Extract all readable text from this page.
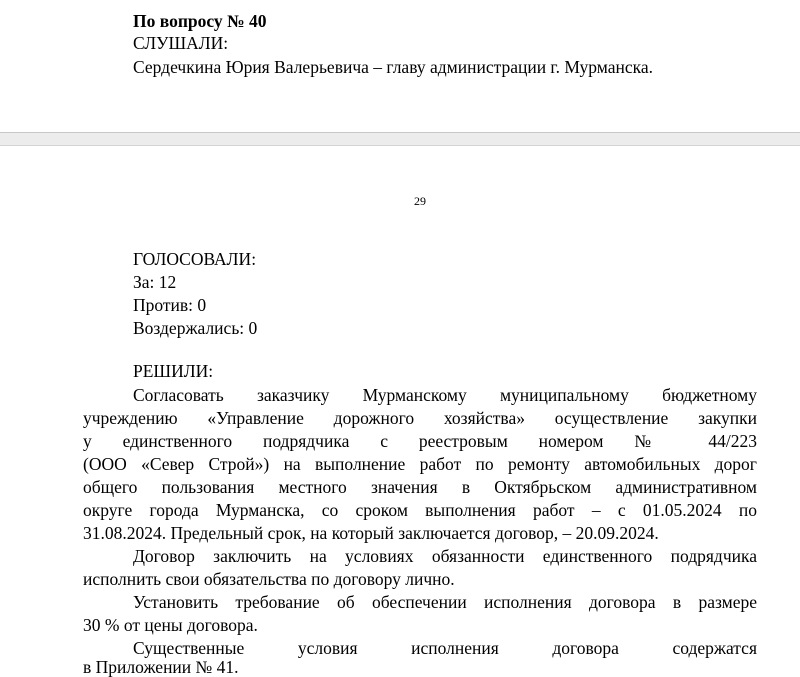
По вопросу № 40
СЛУШАЛИ:
Сердечкина Юрия Валерьевича – главу администрации г. Мурманска.
29
ГОЛОСОВАЛИ:
За: 12
Против: 0
Воздержались: 0
РЕШИЛИ:
Согласовать заказчику Мурманскому муниципальному бюджетному
учреждению «Управление дорожного хозяйства» осуществление закупки
у единственного подрядчика с реестровым номером № 44/223
(ООО «Север Строй») на выполнение работ по ремонту автомобильных дорог
общего пользования местного значения в Октябрьском административном
округе города Мурманска, со сроком выполнения работ – с 01.05.2024 по
31.08.2024. Предельный срок, на который заключается договор, – 20.09.2024.
Договор заключить на условиях обязанности единственного подрядчика
исполнить свои обязательства по договору лично.
Установить требование об обеспечении исполнения договора в размере
30 % от цены договора.
Существенные условия исполнения договора содержатся
в Приложении № 41.
